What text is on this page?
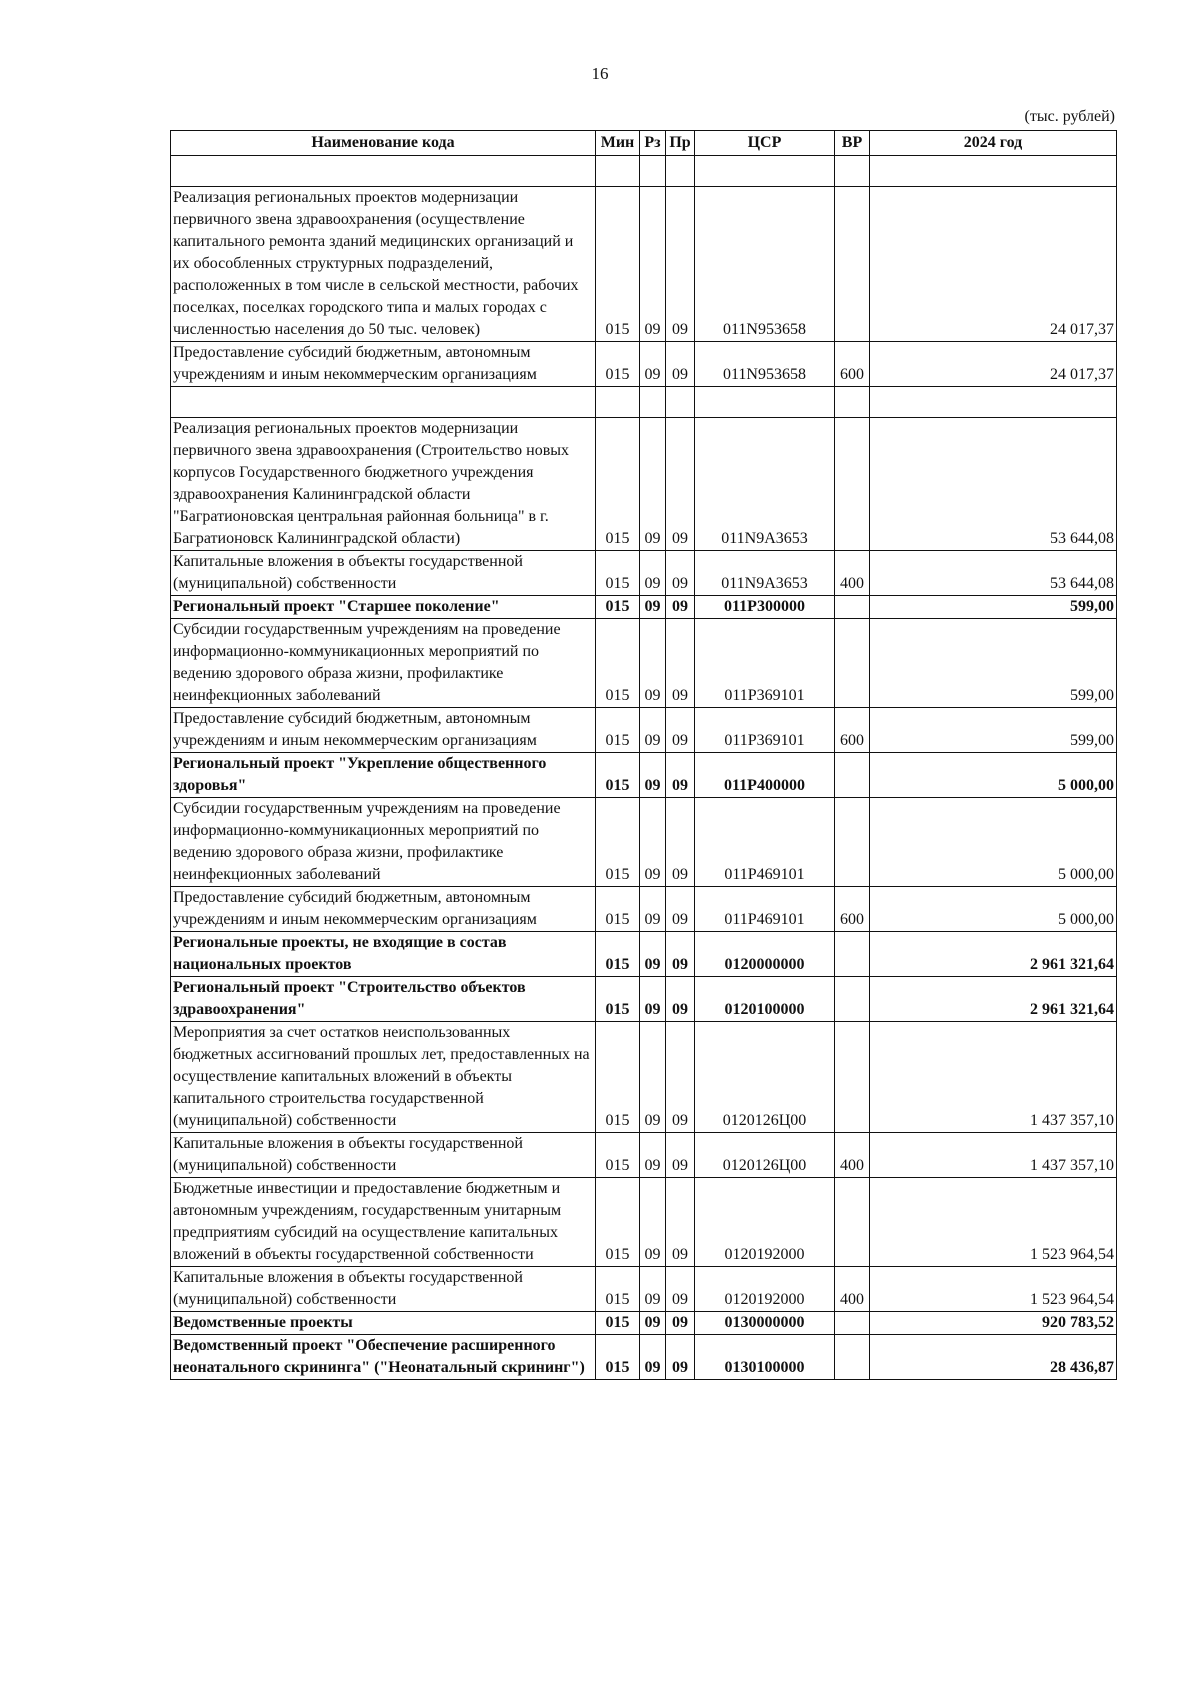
16
(тыс. рублей)
Наименование кода	Мин	Рз	Пр	ЦСР	ВР	2024 год

Реализация региональных проектов модернизации первичного звена здравоохранения (осуществление капитального ремонта зданий медицинских организаций и их обособленных структурных подразделений, расположенных в том числе в сельской местности, рабочих поселках, поселках городского типа и малых городах с численностью населения до 50 тыс. человек)	015	09	09	011N953658		24 017,37
Предоставление субсидий бюджетным, автономным учреждениям и иным некоммерческим организациям	015	09	09	011N953658	600	24 017,37

Реализация региональных проектов модернизации первичного звена здравоохранения (Строительство новых корпусов Государственного бюджетного учреждения здравоохранения Калининградской области "Багратионовская центральная районная больница" в г. Багратионовск Калининградской области)	015	09	09	011N9A3653		53 644,08
Капитальные вложения в объекты государственной (муниципальной) собственности	015	09	09	011N9A3653	400	53 644,08
Региональный проект "Старшее поколение"	015	09	09	011P300000		599,00
Субсидии государственным учреждениям на проведение информационно-коммуникационных мероприятий по ведению здорового образа жизни, профилактике неинфекционных заболеваний	015	09	09	011P369101		599,00
Предоставление субсидий бюджетным, автономным учреждениям и иным некоммерческим организациям	015	09	09	011P369101	600	599,00
Региональный проект "Укрепление общественного здоровья"	015	09	09	011P400000		5 000,00
Субсидии государственным учреждениям на проведение информационно-коммуникационных мероприятий по ведению здорового образа жизни, профилактике неинфекционных заболеваний	015	09	09	011P469101		5 000,00
Предоставление субсидий бюджетным, автономным учреждениям и иным некоммерческим организациям	015	09	09	011P469101	600	5 000,00
Региональные проекты, не входящие в состав национальных проектов	015	09	09	0120000000		2 961 321,64
Региональный проект "Строительство объектов здравоохранения"	015	09	09	0120100000		2 961 321,64
Мероприятия за счет остатков неиспользованных бюджетных ассигнований прошлых лет, предоставленных на осуществление капитальных вложений в объекты капитального строительства государственной (муниципальной) собственности	015	09	09	0120126Ц00		1 437 357,10
Капитальные вложения в объекты государственной (муниципальной) собственности	015	09	09	0120126Ц00	400	1 437 357,10
Бюджетные инвестиции и предоставление бюджетным и автономным учреждениям, государственным унитарным предприятиям субсидий на осуществление капитальных вложений в объекты государственной собственности	015	09	09	0120192000		1 523 964,54
Капитальные вложения в объекты государственной (муниципальной) собственности	015	09	09	0120192000	400	1 523 964,54
Ведомственные проекты	015	09	09	0130000000		920 783,52
Ведомственный проект "Обеспечение расширенного неонатального скрининга" ("Неонатальный скрининг")	015	09	09	0130100000		28 436,87
